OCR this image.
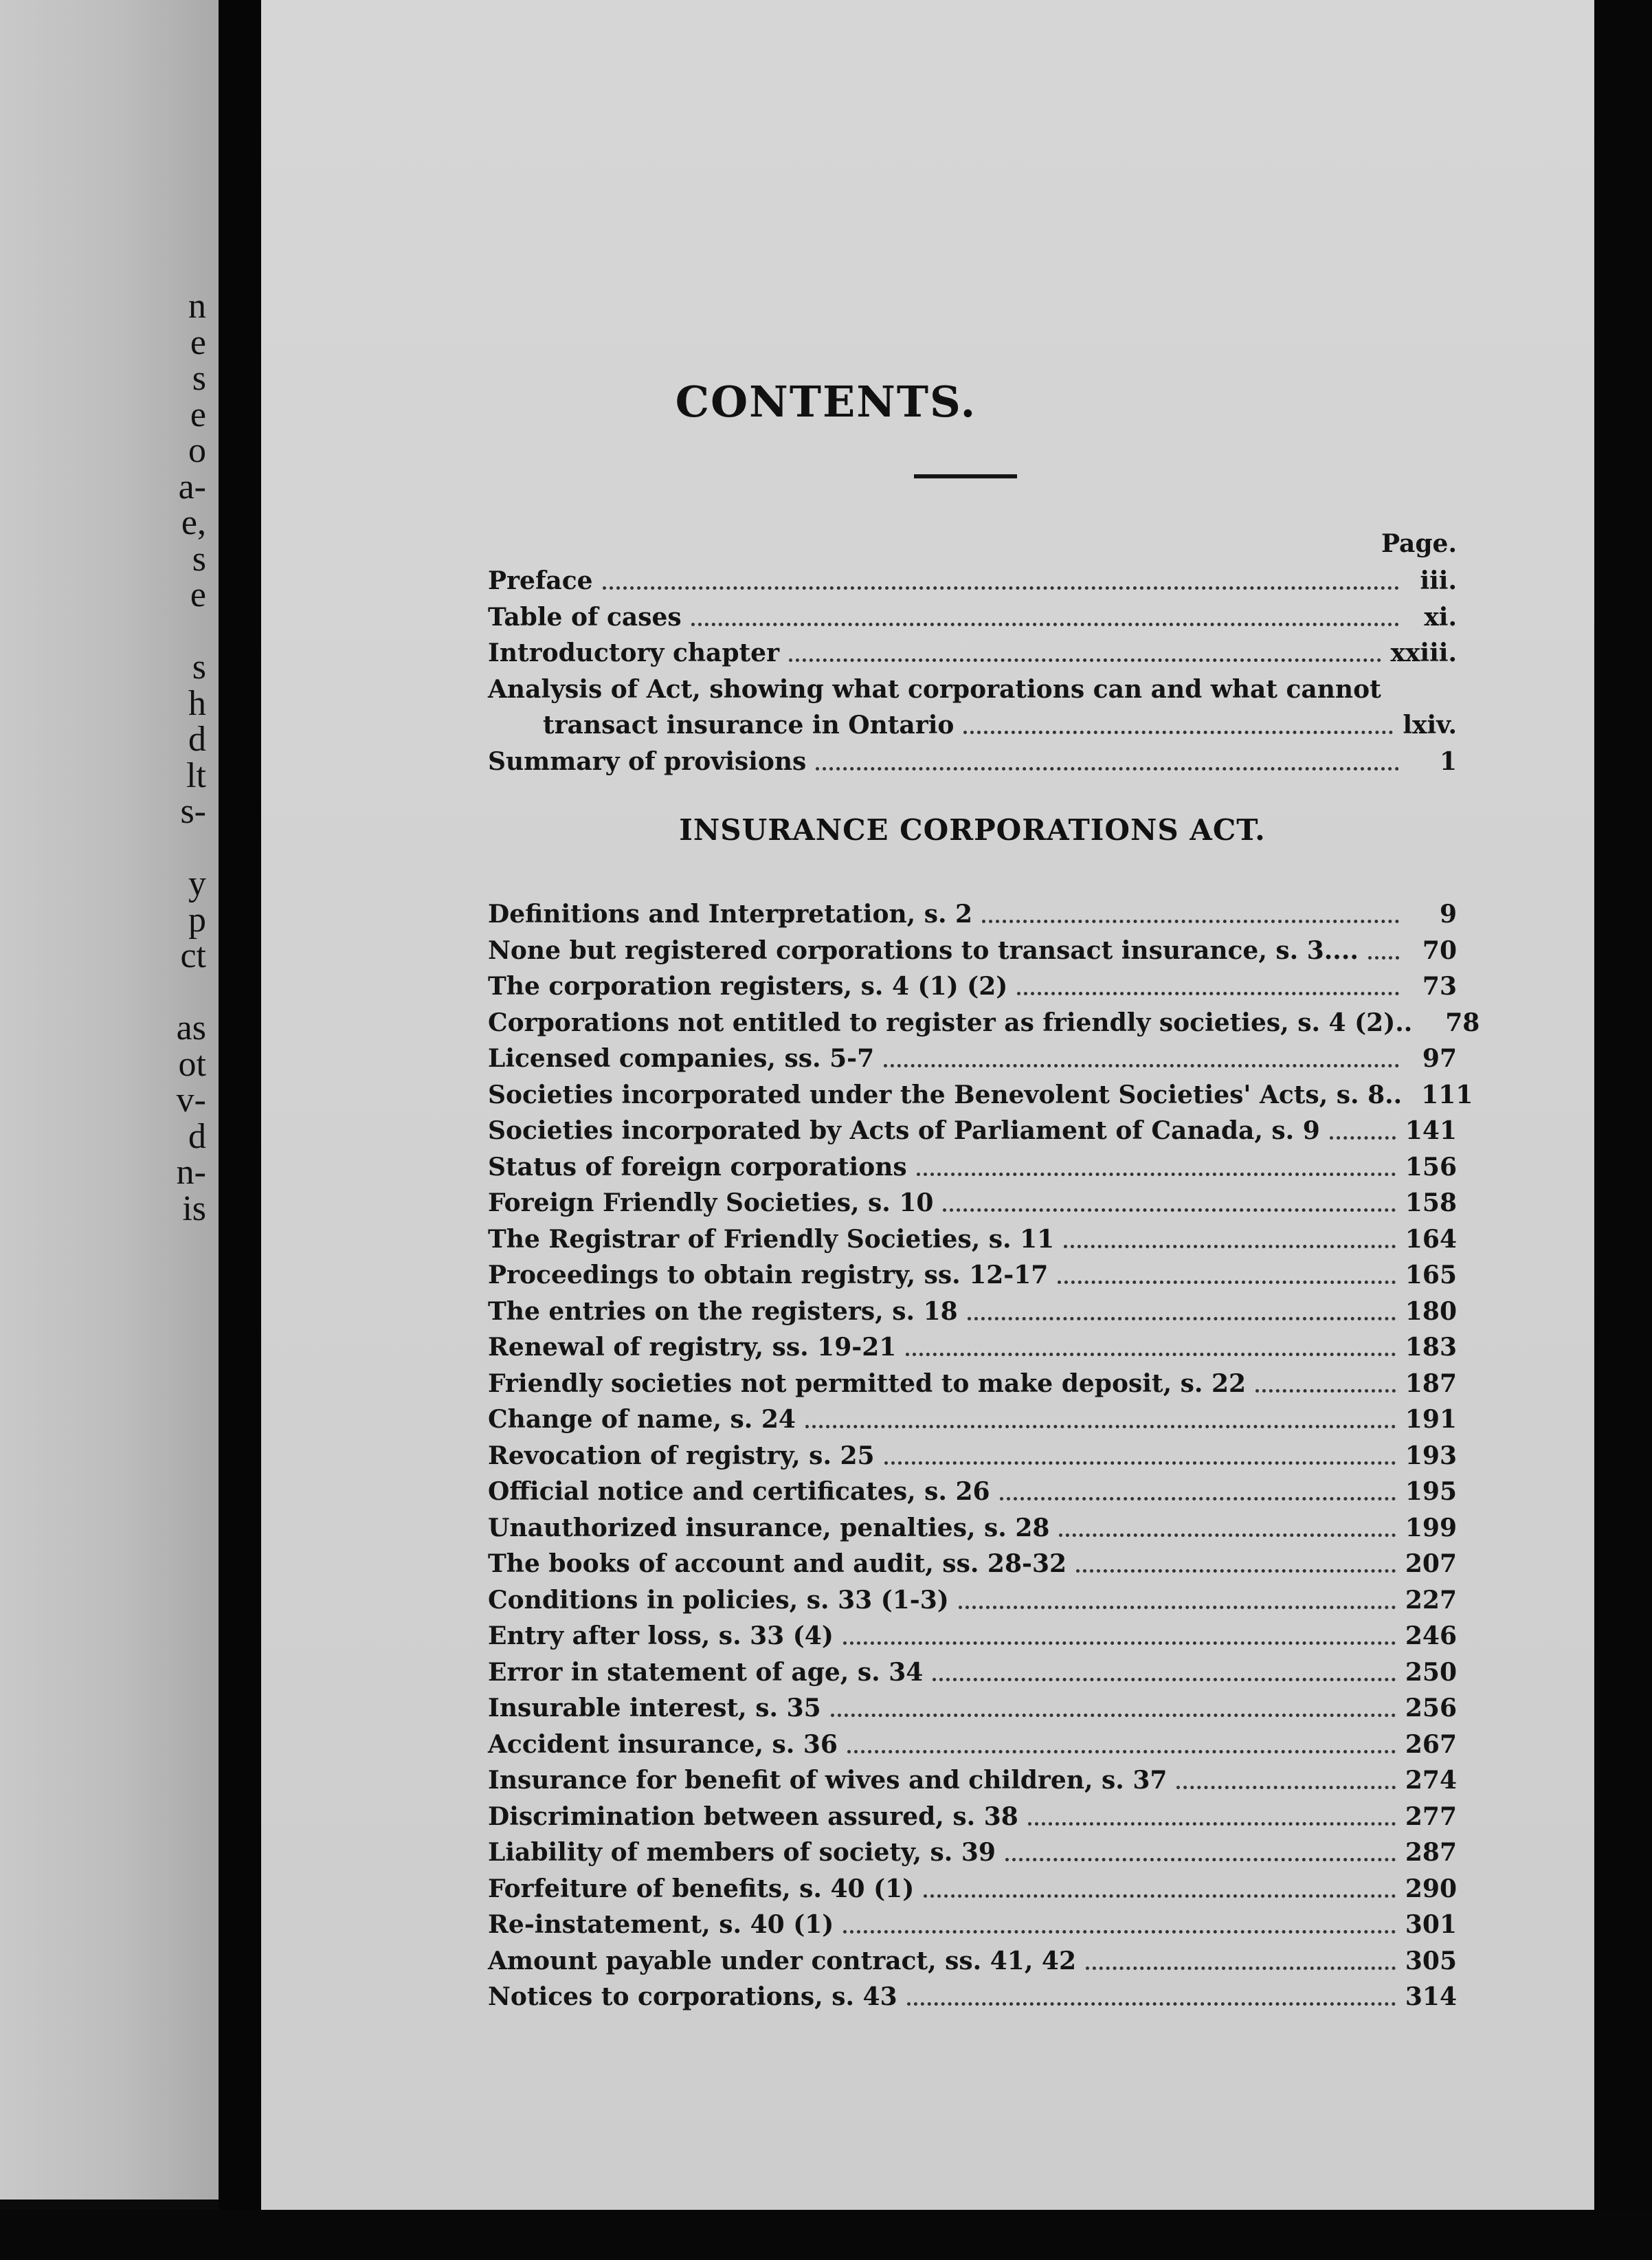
n
e
s
e
o
a-
e,
s
e
s
h
d
lt
s-
y
p
ct
as
ot
v-
d
n-
is
CONTENTS.
Page.
Preface	iii.
Table of cases	xi.
Introductory chapter	xxiii.
Analysis of Act, showing what corporations can and what cannot
transact insurance in Ontario	lxiv.
Summary of provisions	1
INSURANCE CORPORATIONS ACT.
Definitions and Interpretation, s. 2	9
None but registered corporations to transact insurance, s. 3....	70
The corporation registers, s. 4 (1) (2)	73
Corporations not entitled to register as friendly societies, s. 4 (2)..	78
Licensed companies, ss. 5-7	97
Societies incorporated under the Benevolent Societies' Acts, s. 8.. 111
Societies incorporated by Acts of Parliament of Canada, s. 9	141
Status of foreign corporations	156
Foreign Friendly Societies, s. 10	158
The Registrar of Friendly Societies, s. 11	164
Proceedings to obtain registry, ss. 12-17	165
The entries on the registers, s. 18	180
Renewal of registry, ss. 19-21	183
Friendly societies not permitted to make deposit, s. 22	187
Change of name, s. 24	191
Revocation of registry, s. 25	193
Official notice and certificates, s. 26	195
Unauthorized insurance, penalties, s. 28	199
The books of account and audit, ss. 28-32	207
Conditions in policies, s. 33 (1-3)	227
Entry after loss, s. 33 (4)	246
Error in statement of age, s. 34	250
Insurable interest, s. 35	256
Accident insurance, s. 36	267
Insurance for benefit of wives and children, s. 37	274
Discrimination between assured, s. 38	277
Liability of members of society, s. 39	287
Forfeiture of benefits, s. 40 (1)	290
Re-instatement, s. 40 (1)	301
Amount payable under contract, ss. 41, 42	305
Notices to corporations, s. 43	314
